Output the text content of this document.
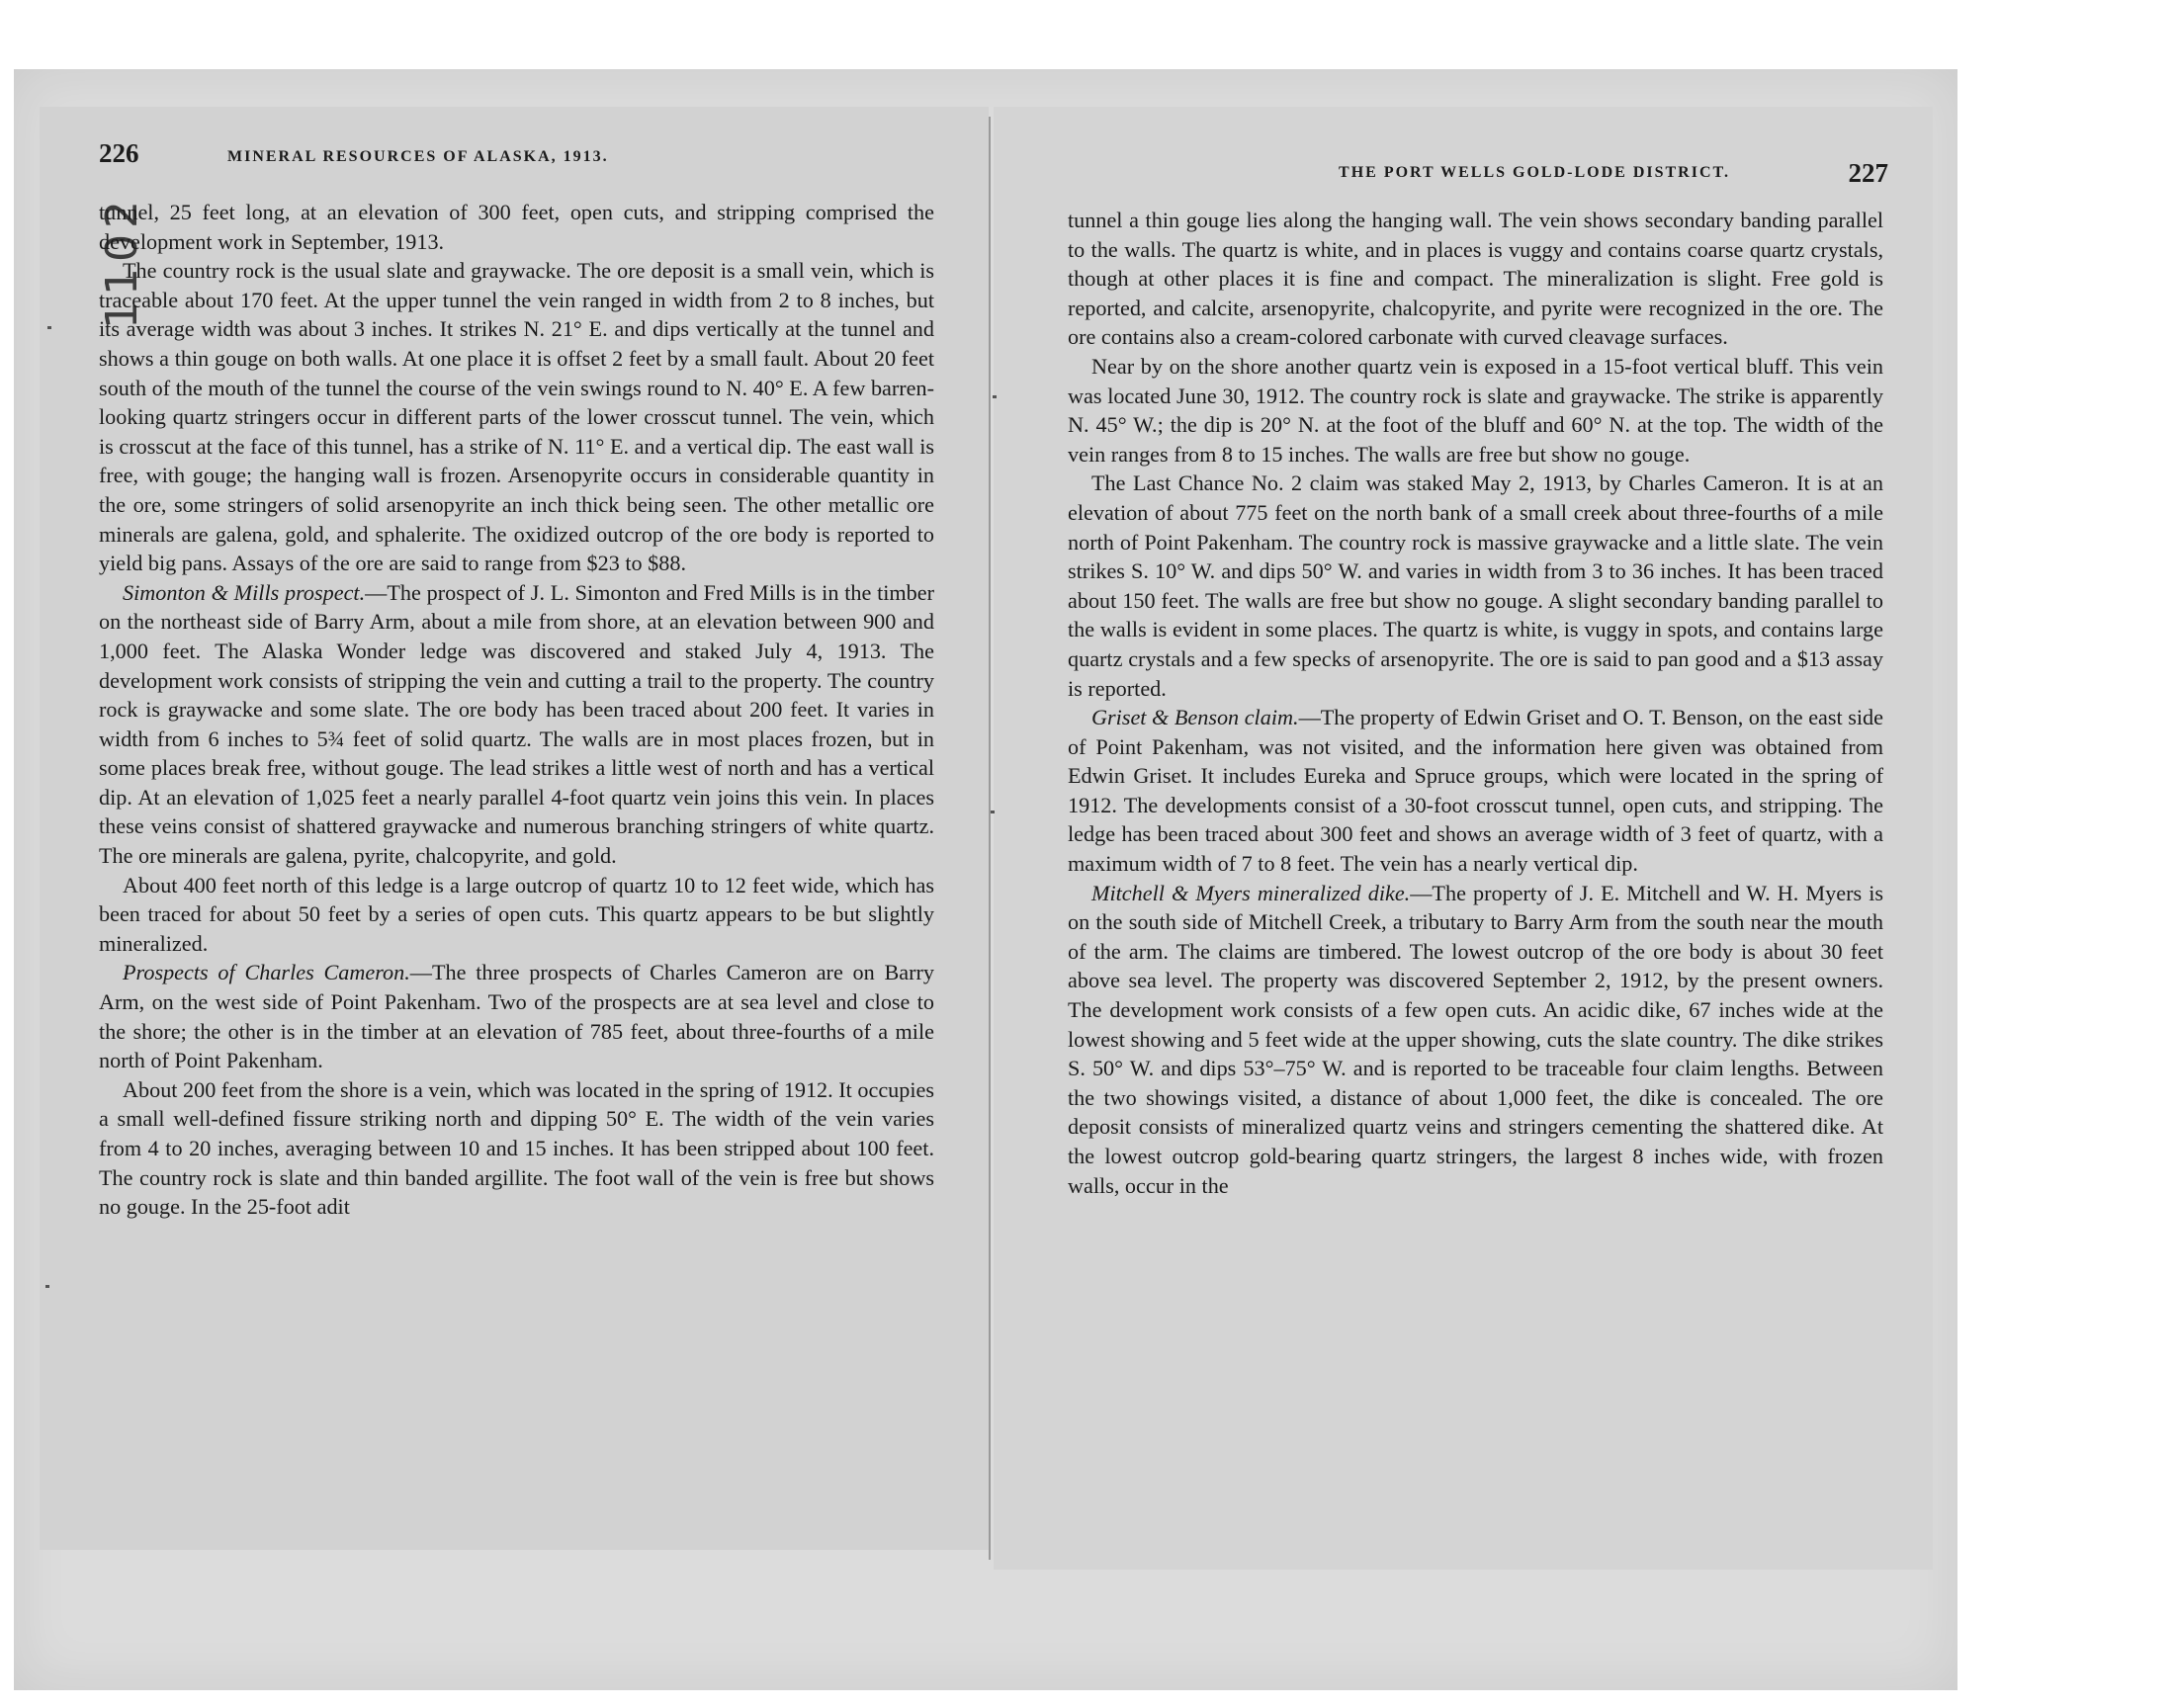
226	MINERAL RESOURCES OF ALASKA, 1913.
1102

tunnel, 25 feet long, at an elevation of 300 feet, open cuts, and stripping comprised the development work in September, 1913.

The country rock is the usual slate and graywacke. The ore deposit is a small vein, which is traceable about 170 feet. At the upper tunnel the vein ranged in width from 2 to 8 inches, but its average width was about 3 inches. It strikes N. 21° E. and dips vertically at the tunnel and shows a thin gouge on both walls. At one place it is offset 2 feet by a small fault. About 20 feet south of the mouth of the tunnel the course of the vein swings round to N. 40° E. A few barren-looking quartz stringers occur in different parts of the lower crosscut tunnel. The vein, which is crosscut at the face of this tunnel, has a strike of N. 11° E. and a vertical dip. The east wall is free, with gouge; the hanging wall is frozen. Arsenopyrite occurs in considerable quantity in the ore, some stringers of solid arsenopyrite an inch thick being seen. The other metallic ore minerals are galena, gold, and sphalerite. The oxidized outcrop of the ore body is reported to yield big pans. Assays of the ore are said to range from $23 to $88.

Simonton & Mills prospect.—The prospect of J. L. Simonton and Fred Mills is in the timber on the northeast side of Barry Arm, about a mile from shore, at an elevation between 900 and 1,000 feet. The Alaska Wonder ledge was discovered and staked July 4, 1913. The development work consists of stripping the vein and cutting a trail to the property. The country rock is graywacke and some slate. The ore body has been traced about 200 feet. It varies in width from 6 inches to 5¾ feet of solid quartz. The walls are in most places frozen, but in some places break free, without gouge. The lead strikes a little west of north and has a vertical dip. At an elevation of 1,025 feet a nearly parallel 4-foot quartz vein joins this vein. In places these veins consist of shattered graywacke and numerous branching stringers of white quartz. The ore minerals are galena, pyrite, chalcopyrite, and gold.

About 400 feet north of this ledge is a large outcrop of quartz 10 to 12 feet wide, which has been traced for about 50 feet by a series of open cuts. This quartz appears to be but slightly mineralized.

Prospects of Charles Cameron.—The three prospects of Charles Cameron are on Barry Arm, on the west side of Point Pakenham. Two of the prospects are at sea level and close to the shore; the other is in the timber at an elevation of 785 feet, about three-fourths of a mile north of Point Pakenham.

About 200 feet from the shore is a vein, which was located in the spring of 1912. It occupies a small well-defined fissure striking north and dipping 50° E. The width of the vein varies from 4 to 20 inches, averaging between 10 and 15 inches. It has been stripped about 100 feet. The country rock is slate and thin banded argillite. The foot wall of the vein is free but shows no gouge. In the 25-foot adit

THE PORT WELLS GOLD-LODE DISTRICT.	227

tunnel a thin gouge lies along the hanging wall. The vein shows secondary banding parallel to the walls. The quartz is white, and in places is vuggy and contains coarse quartz crystals, though at other places it is fine and compact. The mineralization is slight. Free gold is reported, and calcite, arsenopyrite, chalcopyrite, and pyrite were recognized in the ore. The ore contains also a cream-colored carbonate with curved cleavage surfaces.

Near by on the shore another quartz vein is exposed in a 15-foot vertical bluff. This vein was located June 30, 1912. The country rock is slate and graywacke. The strike is apparently N. 45° W.; the dip is 20° N. at the foot of the bluff and 60° N. at the top. The width of the vein ranges from 8 to 15 inches. The walls are free but show no gouge.

The Last Chance No. 2 claim was staked May 2, 1913, by Charles Cameron. It is at an elevation of about 775 feet on the north bank of a small creek about three-fourths of a mile north of Point Pakenham. The country rock is massive graywacke and a little slate. The vein strikes S. 10° W. and dips 50° W. and varies in width from 3 to 36 inches. It has been traced about 150 feet. The walls are free but show no gouge. A slight secondary banding parallel to the walls is evident in some places. The quartz is white, is vuggy in spots, and contains large quartz crystals and a few specks of arsenopyrite. The ore is said to pan good and a $13 assay is reported.

Griset & Benson claim.—The property of Edwin Griset and O. T. Benson, on the east side of Point Pakenham, was not visited, and the information here given was obtained from Edwin Griset. It includes Eureka and Spruce groups, which were located in the spring of 1912. The developments consist of a 30-foot crosscut tunnel, open cuts, and stripping. The ledge has been traced about 300 feet and shows an average width of 3 feet of quartz, with a maximum width of 7 to 8 feet. The vein has a nearly vertical dip.

Mitchell & Myers mineralized dike.—The property of J. E. Mitchell and W. H. Myers is on the south side of Mitchell Creek, a tributary to Barry Arm from the south near the mouth of the arm. The claims are timbered. The lowest outcrop of the ore body is about 30 feet above sea level. The property was discovered September 2, 1912, by the present owners. The development work consists of a few open cuts. An acidic dike, 67 inches wide at the lowest showing and 5 feet wide at the upper showing, cuts the slate country. The dike strikes S. 50° W. and dips 53°–75° W. and is reported to be traceable four claim lengths. Between the two showings visited, a distance of about 1,000 feet, the dike is concealed. The ore deposit consists of mineralized quartz veins and stringers cementing the shattered dike. At the lowest outcrop gold-bearing quartz stringers, the largest 8 inches wide, with frozen walls, occur in the
